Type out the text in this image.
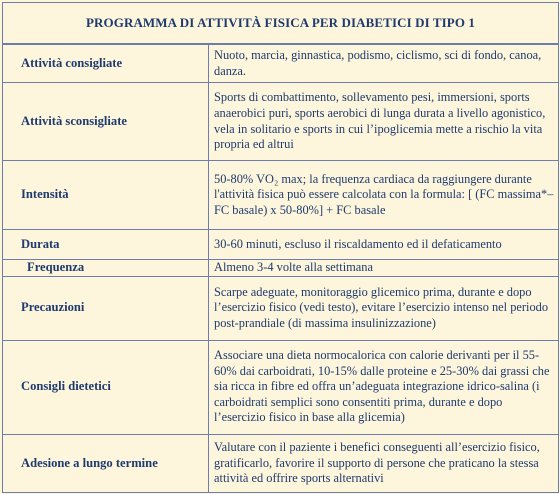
PROGRAMMA DI ATTIVITÀ FISICA PER DIABETICI DI TIPO 1
Attività consigliate	Nuoto, marcia, ginnastica, podismo, ciclismo, sci di fondo, canoa, danza.
Attività sconsigliate	Sports di combattimento, sollevamento pesi, immersioni, sports anaerobici puri, sports aerobici di lunga durata a livello agonistico, vela in solitario e sports in cui l’ipoglicemia mette a rischio la vita propria ed altrui
Intensità	50-80% VO₂ max; la frequenza cardiaca da raggiungere durante l'attività fisica può essere calcolata con la formula: [ (FC massima*– FC basale) x 50-80%] + FC basale
Durata	30-60 minuti, escluso il riscaldamento ed il defaticamento
Frequenza	Almeno 3-4 volte alla settimana
Precauzioni	Scarpe adeguate, monitoraggio glicemico prima, durante e dopo l’esercizio fisico (vedi testo), evitare l’esercizio intenso nel periodo post-prandiale (di massima insulinizzazione)
Consigli dietetici	Associare una dieta normocalorica con calorie derivanti per il 55-60% dai carboidrati, 10-15% dalle proteine e 25-30% dai grassi che sia ricca in fibre ed offra un’adeguata integrazione idrico-salina (i carboidrati semplici sono consentiti prima, durante e dopo l’esercizio fisico in base alla glicemia)
Adesione a lungo termine	Valutare con il paziente i benefici conseguenti all’esercizio fisico, gratificarlo, favorire il supporto di persone che praticano la stessa attività ed offrire sports alternativi
